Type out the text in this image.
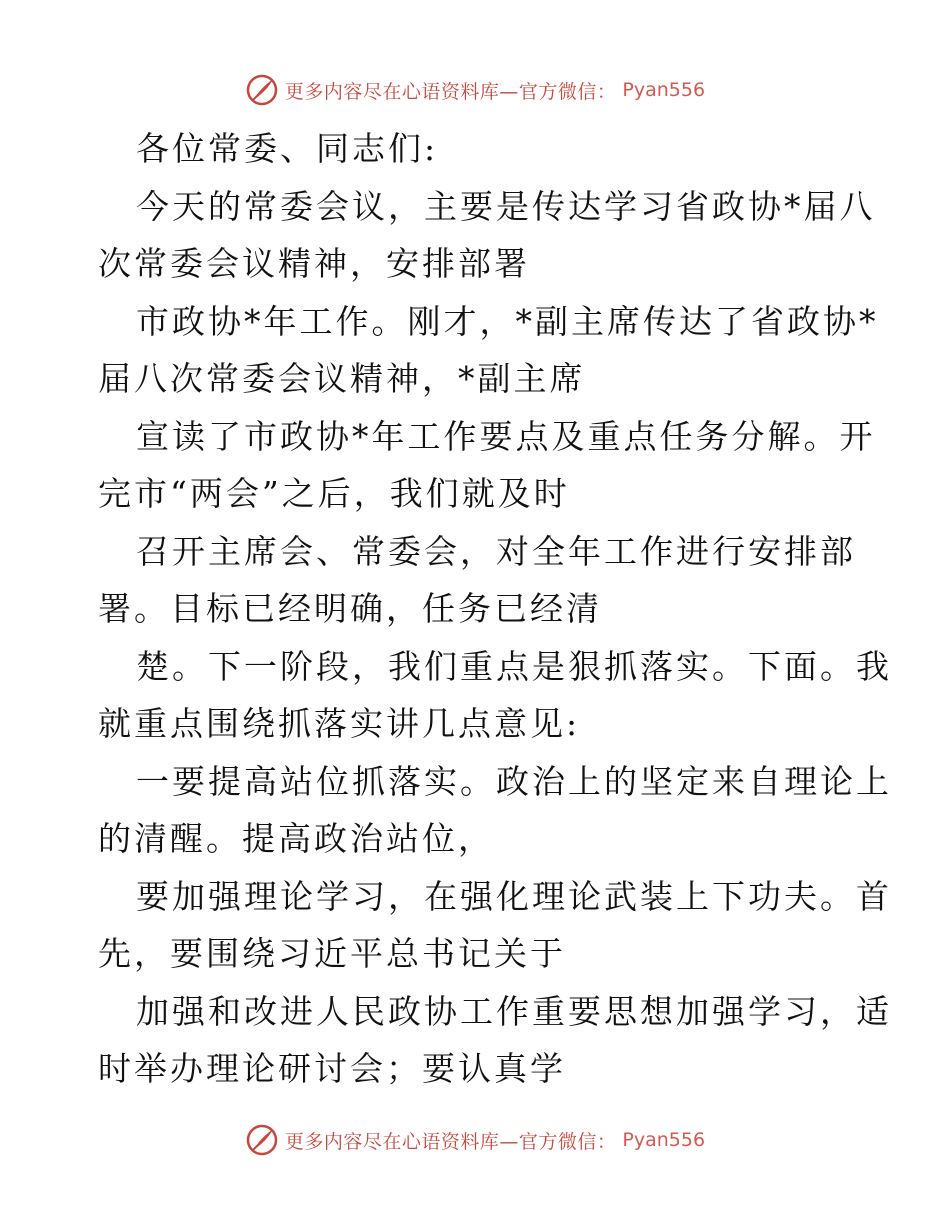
更多内容尽在心语资料库—官方微信： Pyan556
各位常委、同志们:
今天的常委会议，主要是传达学习省政协*届八
次常委会议精神，安排部署
市政协*年工作。刚才，*副主席传达了省政协*
届八次常委会议精神，*副主席
宣读了市政协*年工作要点及重点任务分解。开
完市“两会”之后，我们就及时
召开主席会、常委会，对全年工作进行安排部
署。目标已经明确，任务已经清
楚。下一阶段，我们重点是狠抓落实。下面。我
就重点围绕抓落实讲几点意见:
一要提高站位抓落实。政治上的坚定来自理论上
的清醒。提高政治站位，
要加强理论学习，在强化理论武装上下功夫。首
先，要围绕习近平总书记关于
加强和改进人民政协工作重要思想加强学习，适
时举办理论研讨会；要认真学
更多内容尽在心语资料库—官方微信： Pyan556
